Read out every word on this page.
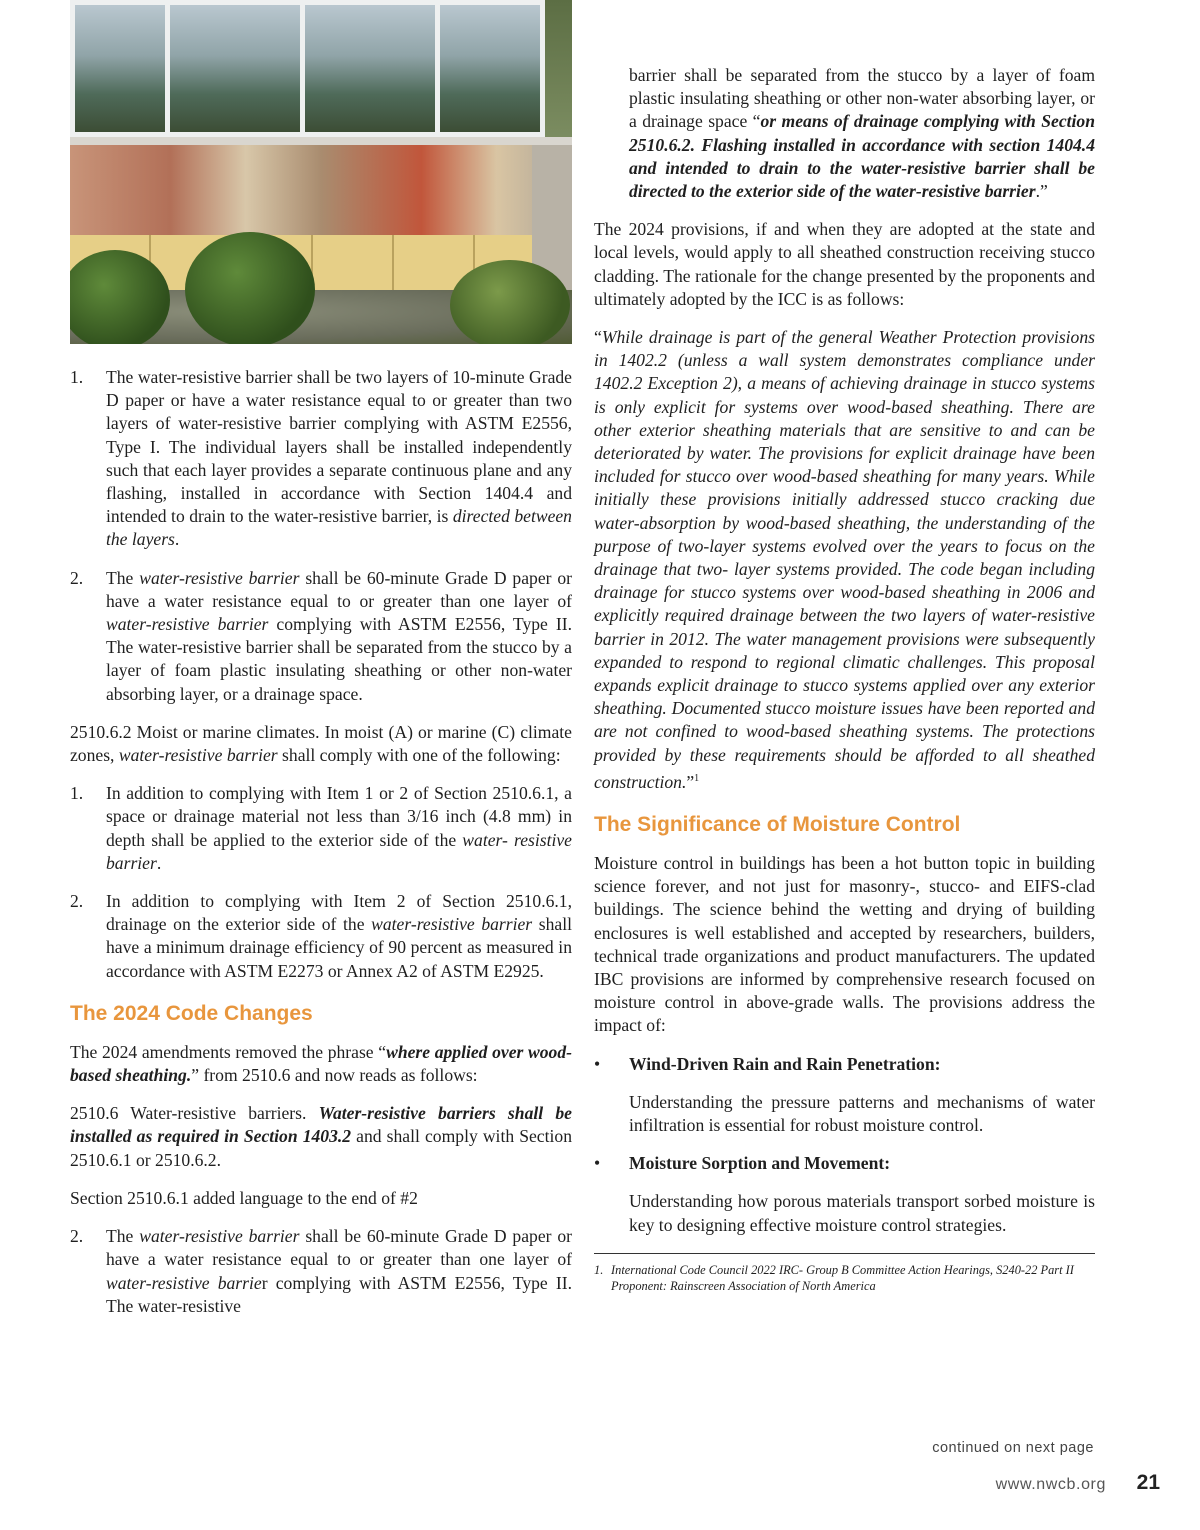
1. The water-resistive barrier shall be two layers of 10-minute Grade D paper or have a water resistance equal to or greater than two layers of water-resistive barrier complying with ASTM E2556, Type I. The individual layers shall be installed independently such that each layer provides a separate continuous plane and any flashing, installed in accordance with Section 1404.4 and intended to drain to the water-resistive barrier, is directed between the layers.
2. The water-resistive barrier shall be 60-minute Grade D paper or have a water resistance equal to or greater than one layer of water-resistive barrier complying with ASTM E2556, Type II. The water-resistive barrier shall be separated from the stucco by a layer of foam plastic insulating sheathing or other non-water absorbing layer, or a drainage space.

2510.6.2 Moist or marine climates. In moist (A) or marine (C) climate zones, water-resistive barrier shall comply with one of the following:

1. In addition to complying with Item 1 or 2 of Section 2510.6.1, a space or drainage material not less than 3/16 inch (4.8 mm) in depth shall be applied to the exterior side of the water- resistive barrier.
2. In addition to complying with Item 2 of Section 2510.6.1, drainage on the exterior side of the water-resistive barrier shall have a minimum drainage efficiency of 90 percent as measured in accordance with ASTM E2273 or Annex A2 of ASTM E2925.
The 2024 Code Changes

The 2024 amendments removed the phrase “where applied over wood-based sheathing.” from 2510.6 and now reads as follows:

2510.6 Water-resistive barriers. Water-resistive barriers shall be installed as required in Section 1403.2 and shall comply with Section 2510.6.1 or 2510.6.2.

Section 2510.6.1 added language to the end of #2

2. The water-resistive barrier shall be 60-minute Grade D paper or have a water resistance equal to or greater than one layer of water-resistive barrier complying with ASTM E2556, Type II. The water-resistive

barrier shall be separated from the stucco by a layer of foam plastic insulating sheathing or other non-water absorbing layer, or a drainage space “or means of drainage complying with Section 2510.6.2. Flashing installed in accordance with section 1404.4 and intended to drain to the water-resistive barrier shall be directed to the exterior side of the water-resistive barrier.”

The 2024 provisions, if and when they are adopted at the state and local levels, would apply to all sheathed construction receiving stucco cladding. The rationale for the change presented by the proponents and ultimately adopted by the ICC is as follows:

“While drainage is part of the general Weather Protection provisions in 1402.2 (unless a wall system demonstrates compliance under 1402.2 Exception 2), a means of achieving drainage in stucco systems is only explicit for systems over wood-based sheathing. There are other exterior sheathing materials that are sensitive to and can be deteriorated by water. The provisions for explicit drainage have been included for stucco over wood-based sheathing for many years. While initially these provisions initially addressed stucco cracking due water-absorption by wood-based sheathing, the understanding of the purpose of two-layer systems evolved over the years to focus on the drainage that two- layer systems provided. The code began including drainage for stucco systems over wood-based sheathing in 2006 and explicitly required drainage between the two layers of water-resistive barrier in 2012. The water management provisions were subsequently expanded to respond to regional climatic challenges. This proposal expands explicit drainage to stucco systems applied over any exterior sheathing. Documented stucco moisture issues have been reported and are not confined to wood-based sheathing systems. The protections provided by these requirements should be afforded to all sheathed construction.”$^1$

The Significance of Moisture Control

Moisture control in buildings has been a hot button topic in building science forever, and not just for masonry-, stucco- and EIFS-clad buildings. The science behind the wetting and drying of building enclosures is well established and accepted by researchers, builders, technical trade organizations and product manufacturers. The updated IBC provisions are informed by comprehensive research focused on moisture control in above-grade walls. The provisions address the impact of:

• Wind-Driven Rain and Rain Penetration:
Understanding the pressure patterns and mechanisms of water infiltration is essential for robust moisture control.
• Moisture Sorption and Movement:
Understanding how porous materials transport sorbed moisture is key to designing effective moisture control strategies.
1. International Code Council 2022 IRC- Group B Committee Action Hearings, S240-22 Part II Proponent: Rainscreen Association of North America
continued on next page
www.nwcb.org	21
